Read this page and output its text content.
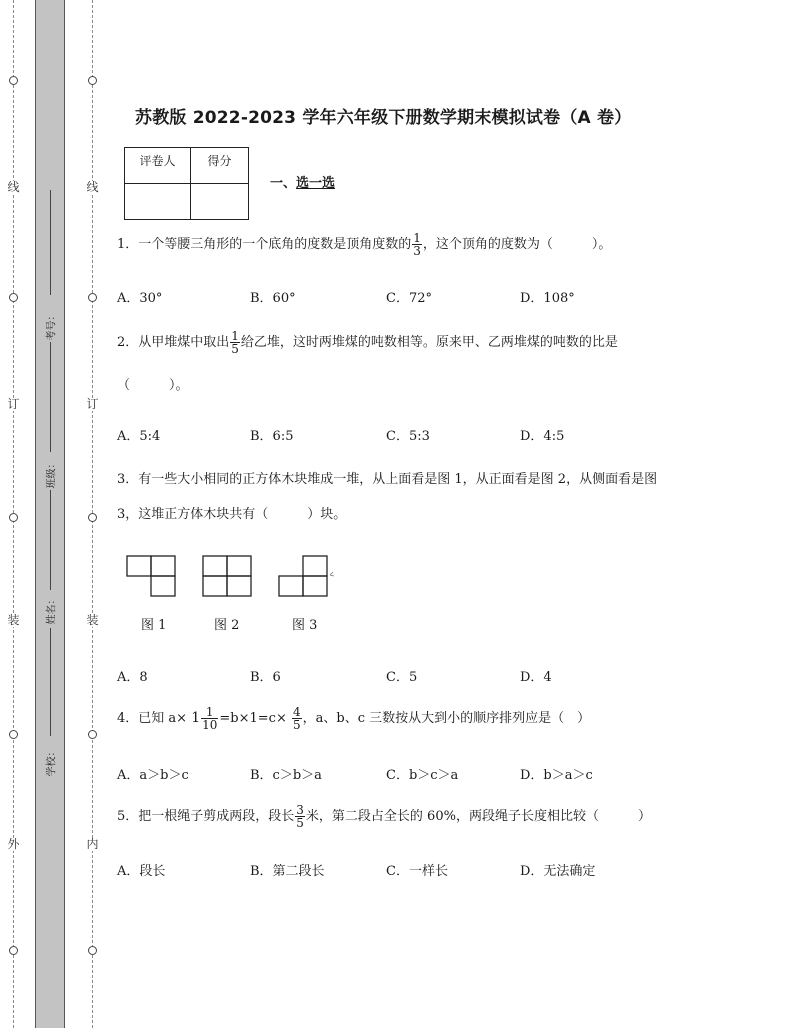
线
订
装
外
线
订
装
内
考号：
班级：
姓名：
学校：
苏教版 2022-2023 学年六年级下册数学期末模拟试卷（A 卷）
评卷人	得分

一、选一选
1．一个等腰三角形的一个底角的度数是顶角度数的 $\frac{1}{3}$ ，这个顶角的度数为（　　　）。
A．30°	B．60°	C．72°	D．108°
2．从甲堆煤中取出 $\frac{1}{5}$ 给乙堆，这时两堆煤的吨数相等。原来甲、乙两堆煤的吨数的比是
（　　　）。
A．5:4	B．6:5	C．5:3	D．4:5
3．有一些大小相同的正方体木块堆成一堆，从上面看是图 1，从正面看是图 2，从侧面看是图
3，这堆正方体木块共有（　　　）块。
图 1	图 2	图 3
A．8	B．6	C．5	D．4
4．已知 $a\times 1 \frac{1}{10} =b\times 1=c\times \frac{4}{5}$ ，a、b、c 三数按从大到小的顺序排列应是（　）
A．a＞b＞c	B．c＞b＞a	C．b＞c＞a	D．b＞a＞c
5．把一根绳子剪成两段，段长 $\frac{3}{5}$ 米，第二段占全长的 60%，两段绳子长度相比较（　　　）
A．段长	B．第二段长	C．一样长	D．无法确定
